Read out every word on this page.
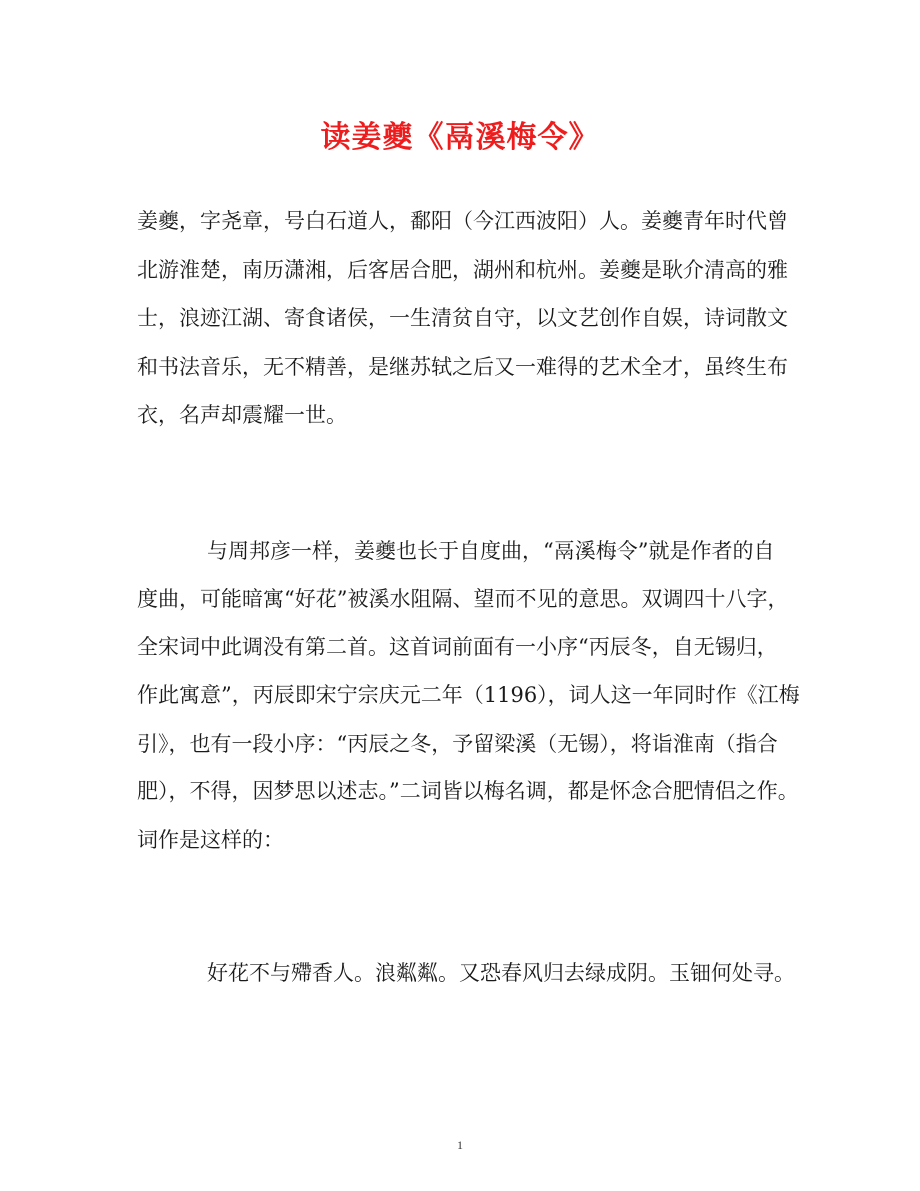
读姜夔《鬲溪梅令》
姜夔，字尧章，号白石道人，鄱阳（今江西波阳）人。姜夔青年时代曾
北游淮楚，南历潇湘，后客居合肥，湖州和杭州。姜夔是耿介清高的雅
士，浪迹江湖、寄食诸侯，一生清贫自守，以文艺创作自娱，诗词散文
和书法音乐，无不精善，是继苏轼之后又一难得的艺术全才，虽终生布
衣，名声却震耀一世。
与周邦彦一样，姜夔也长于自度曲，“鬲溪梅令”就是作者的自
度曲，可能暗寓“好花”被溪水阻隔、望而不见的意思。双调四十八字，
全宋词中此调没有第二首。这首词前面有一小序“丙辰冬，自无锡归，
作此寓意”，丙辰即宋宁宗庆元二年（1196），词人这一年同时作《江梅
引》，也有一段小序：“丙辰之冬，予留梁溪（无锡），将诣淮南（指合
肥），不得，因梦思以述志。”二词皆以梅名调，都是怀念合肥情侣之作。
词作是这样的：
好花不与殢香人。浪粼粼。又恐春风归去绿成阴。玉钿何处寻。
1
